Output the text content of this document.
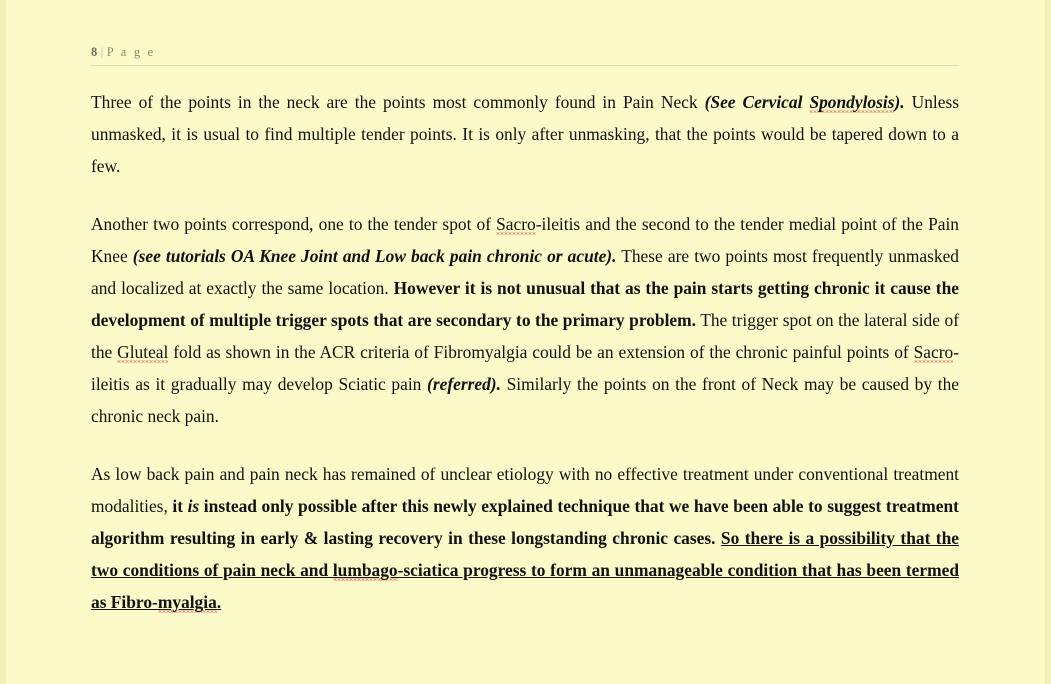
8 | P a g e

Three of the points in the neck are the points most commonly found in Pain Neck (See Cervical Spondylosis). Unless unmasked, it is usual to find multiple tender points. It is only after unmasking, that the points would be tapered down to a few.

Another two points correspond, one to the tender spot of Sacro-ileitis and the second to the tender medial point of the Pain Knee (see tutorials OA Knee Joint and Low back pain chronic or acute). These are two points most frequently unmasked and localized at exactly the same location. However it is not unusual that as the pain starts getting chronic it cause the development of multiple trigger spots that are secondary to the primary problem. The trigger spot on the lateral side of the Gluteal fold as shown in the ACR criteria of Fibromyalgia could be an extension of the chronic painful points of Sacro-ileitis as it gradually may develop Sciatic pain (referred). Similarly the points on the front of Neck may be caused by the chronic neck pain.

As low back pain and pain neck has remained of unclear etiology with no effective treatment under conventional treatment modalities, it is instead only possible after this newly explained technique that we have been able to suggest treatment algorithm resulting in early & lasting recovery in these longstanding chronic cases. So there is a possibility that the two conditions of pain neck and lumbago-sciatica progress to form an unmanageable condition that has been termed as Fibro-myalgia.
